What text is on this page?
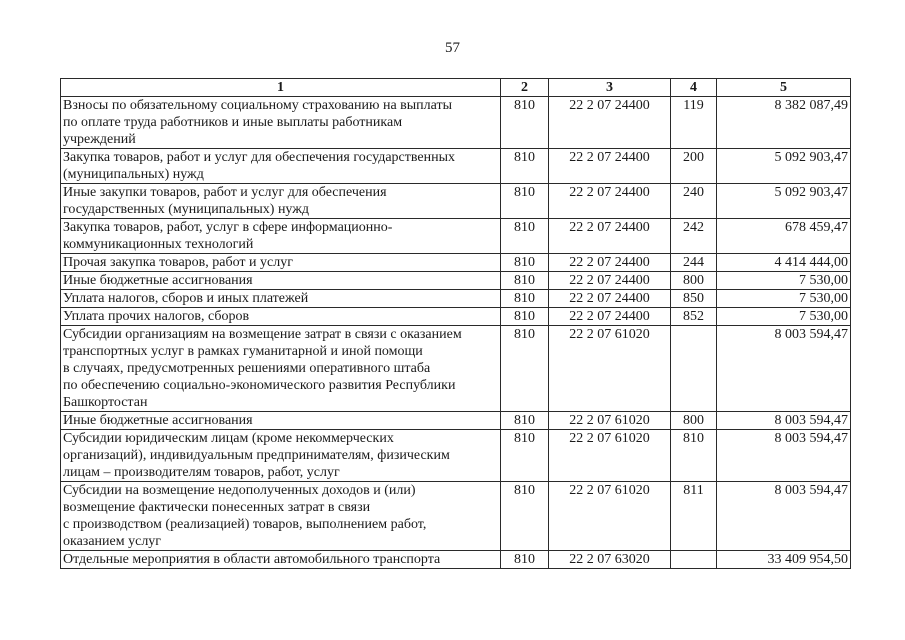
57
1	2	3	4	5

Взносы по обязательному социальному страхованию на выплаты
по оплате труда работников и иные выплаты работникам
учреждений	810	22 2 07 24400	119	8 382 087,49

Закупка товаров, работ и услуг для обеспечения государственных
(муниципальных) нужд	810	22 2 07 24400	200	5 092 903,47

Иные закупки товаров, работ и услуг для обеспечения
государственных (муниципальных) нужд	810	22 2 07 24400	240	5 092 903,47

Закупка товаров, работ, услуг в сфере информационно-
коммуникационных технологий	810	22 2 07 24400	242	678 459,47

Прочая закупка товаров, работ и услуг	810	22 2 07 24400	244	4 414 444,00

Иные бюджетные ассигнования	810	22 2 07 24400	800	7 530,00

Уплата налогов, сборов и иных платежей	810	22 2 07 24400	850	7 530,00

Уплата прочих налогов, сборов	810	22 2 07 24400	852	7 530,00

Субсидии организациям на возмещение затрат в связи с оказанием
транспортных услуг в рамках гуманитарной и иной помощи
в случаях, предусмотренных решениями оперативного штаба
по обеспечению социально-экономического развития Республики
Башкортостан	810	22 2 07 61020		8 003 594,47

Иные бюджетные ассигнования	810	22 2 07 61020	800	8 003 594,47

Субсидии юридическим лицам (кроме некоммерческих
организаций), индивидуальным предпринимателям, физическим
лицам – производителям товаров, работ, услуг	810	22 2 07 61020	810	8 003 594,47

Субсидии на возмещение недополученных доходов и (или)
возмещение фактически понесенных затрат в связи
с производством (реализацией) товаров, выполнением работ,
оказанием услуг	810	22 2 07 61020	811	8 003 594,47

Отдельные мероприятия в области автомобильного транспорта	810	22 2 07 63020		33 409 954,50
